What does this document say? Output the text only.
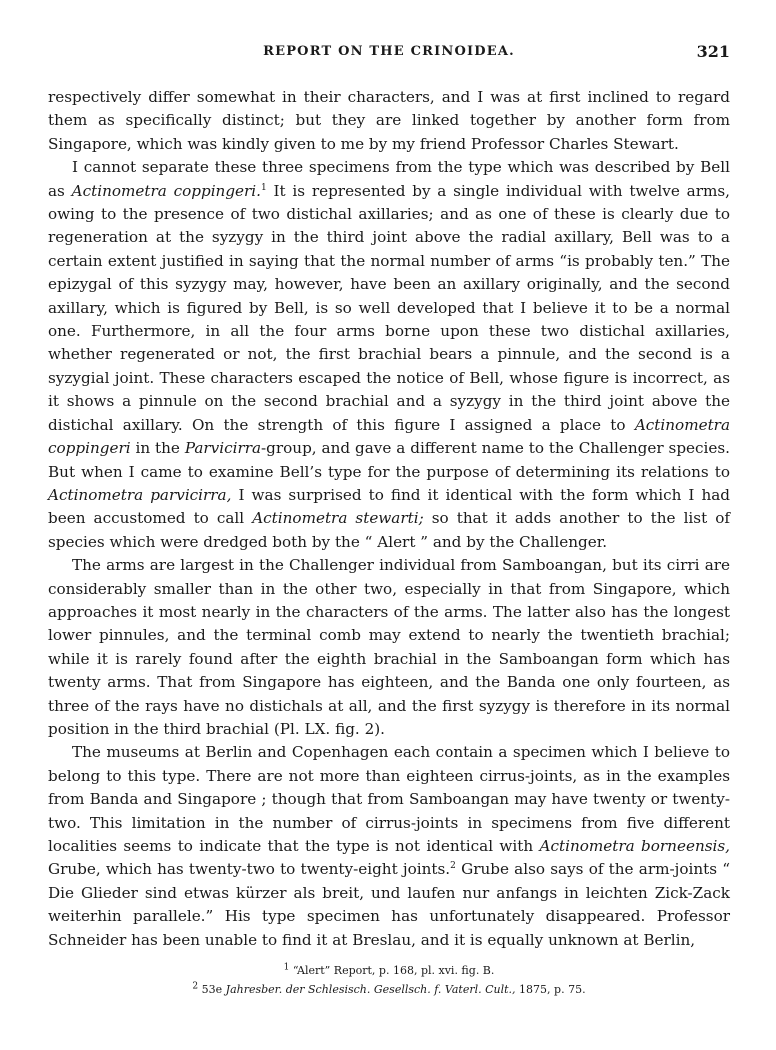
REPORT ON THE CRINOIDEA.	321

respectively differ somewhat in their characters, and I was at first inclined to regard them as specifically distinct; but they are linked together by another form from Singapore, which was kindly given to me by my friend Professor Charles Stewart.

I cannot separate these three specimens from the type which was described by Bell as Actinometra coppingeri.$^1$ It is represented by a single individual with twelve arms, owing to the presence of two distichal axillaries; and as one of these is clearly due to regeneration at the syzygy in the third joint above the radial axillary, Bell was to a certain extent justified in saying that the normal number of arms “is probably ten.” The epizygal of this syzygy may, however, have been an axillary originally, and the second axillary, which is figured by Bell, is so well developed that I believe it to be a normal one. Furthermore, in all the four arms borne upon these two distichal axillaries, whether regenerated or not, the first brachial bears a pinnule, and the second is a syzygial joint. These characters escaped the notice of Bell, whose figure is incorrect, as it shows a pinnule on the second brachial and a syzygy in the third joint above the distichal axillary. On the strength of this figure I assigned a place to Actinometra coppingeri in the Parvicirra-group, and gave a different name to the Challenger species. But when I came to examine Bell’s type for the purpose of determining its relations to Actinometra parvicirra, I was surprised to find it identical with the form which I had been accustomed to call Actinometra stewarti; so that it adds another to the list of species which were dredged both by the “ Alert ” and by the Challenger.

The arms are largest in the Challenger individual from Samboangan, but its cirri are considerably smaller than in the other two, especially in that from Singapore, which approaches it most nearly in the characters of the arms. The latter also has the longest lower pinnules, and the terminal comb may extend to nearly the twentieth brachial; while it is rarely found after the eighth brachial in the Samboangan form which has twenty arms. That from Singapore has eighteen, and the Banda one only fourteen, as three of the rays have no distichals at all, and the first syzygy is therefore in its normal position in the third brachial (Pl. LX. fig. 2).

The museums at Berlin and Copenhagen each contain a specimen which I believe to belong to this type. There are not more than eighteen cirrus-joints, as in the examples from Banda and Singapore ; though that from Samboangan may have twenty or twenty-two. This limitation in the number of cirrus-joints in specimens from five different localities seems to indicate that the type is not identical with Actinometra borneensis, Grube, which has twenty-two to twenty-eight joints.$^2$ Grube also says of the arm-joints “ Die Glieder sind etwas kürzer als breit, und laufen nur anfangs in leichten Zick-Zack weiterhin parallele.” His type specimen has unfortunately disappeared. Professor Schneider has been unable to find it at Breslau, and it is equally unknown at Berlin,

$^1$ “Alert” Report, p. 168, pl. xvi. fig. B.
$^2$ 53e Jahresber. der Schlesisch. Gesellsch. f. Vaterl. Cult., 1875, p. 75.
